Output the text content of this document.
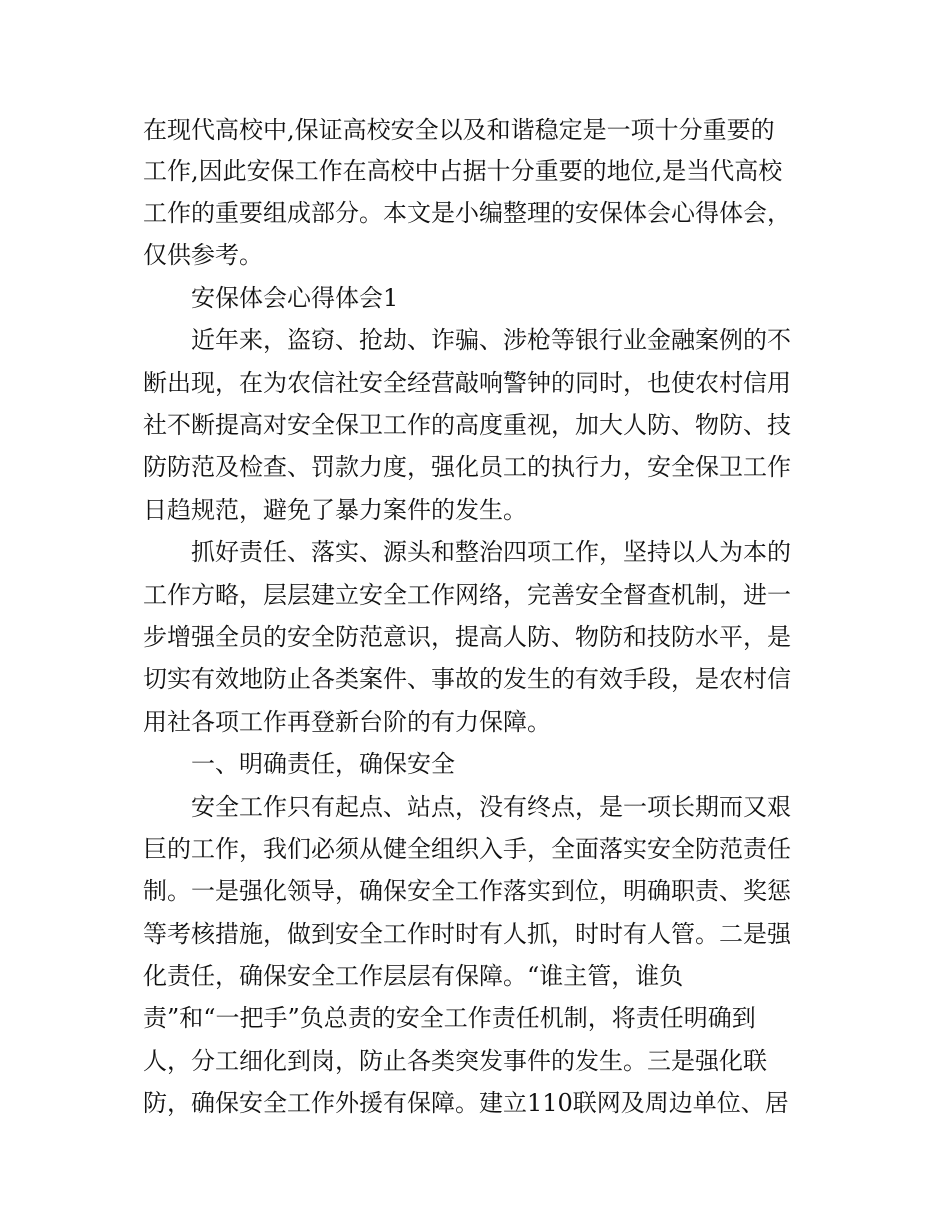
在现代高校中,保证高校安全以及和谐稳定是一项十分重要的
工作,因此安保工作在高校中占据十分重要的地位,是当代高校
工作的重要组成部分。本文是小编整理的安保体会心得体会，
仅供参考。
安保体会心得体会1
近年来，盗窃、抢劫、诈骗、涉枪等银行业金融案例的不
断出现，在为农信社安全经营敲响警钟的同时，也使农村信用
社不断提高对安全保卫工作的高度重视，加大人防、物防、技
防防范及检查、罚款力度，强化员工的执行力，安全保卫工作
日趋规范，避免了暴力案件的发生。
抓好责任、落实、源头和整治四项工作，坚持以人为本的
工作方略，层层建立安全工作网络，完善安全督查机制，进一
步增强全员的安全防范意识，提高人防、物防和技防水平，是
切实有效地防止各类案件、事故的发生的有效手段，是农村信
用社各项工作再登新台阶的有力保障。
一、明确责任，确保安全
安全工作只有起点、站点，没有终点，是一项长期而又艰
巨的工作，我们必须从健全组织入手，全面落实安全防范责任
制。一是强化领导，确保安全工作落实到位，明确职责、奖惩
等考核措施，做到安全工作时时有人抓，时时有人管。二是强
化责任，确保安全工作层层有保障。“谁主管，谁负
责”和“一把手”负总责的安全工作责任机制，将责任明确到
人，分工细化到岗，防止各类突发事件的发生。三是强化联
防，确保安全工作外援有保障。建立110联网及周边单位、居
